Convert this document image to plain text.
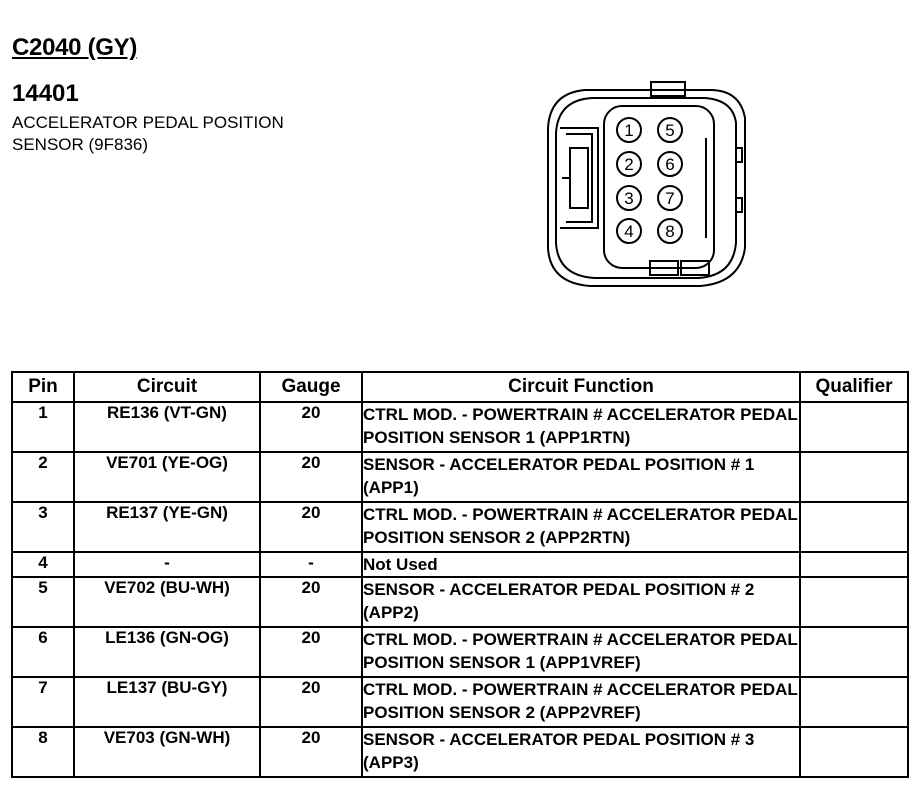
C2040 (GY)
14401
ACCELERATOR PEDAL POSITION
SENSOR (9F836)
1
2
3
4
5
6
7
8
Pin	Circuit	Gauge	Circuit Function	Qualifier
1	RE136 (VT-GN)	20	CTRL MOD. - POWERTRAIN # ACCELERATOR PEDAL POSITION SENSOR 1 (APP1RTN)	
2	VE701 (YE-OG)	20	SENSOR - ACCELERATOR PEDAL POSITION # 1 (APP1)	
3	RE137 (YE-GN)	20	CTRL MOD. - POWERTRAIN # ACCELERATOR PEDAL POSITION SENSOR 2 (APP2RTN)	
4	-	-	Not Used	
5	VE702 (BU-WH)	20	SENSOR - ACCELERATOR PEDAL POSITION # 2 (APP2)	
6	LE136 (GN-OG)	20	CTRL MOD. - POWERTRAIN # ACCELERATOR PEDAL POSITION SENSOR 1 (APP1VREF)	
7	LE137 (BU-GY)	20	CTRL MOD. - POWERTRAIN # ACCELERATOR PEDAL POSITION SENSOR 2 (APP2VREF)	
8	VE703 (GN-WH)	20	SENSOR - ACCELERATOR PEDAL POSITION # 3 (APP3)	
